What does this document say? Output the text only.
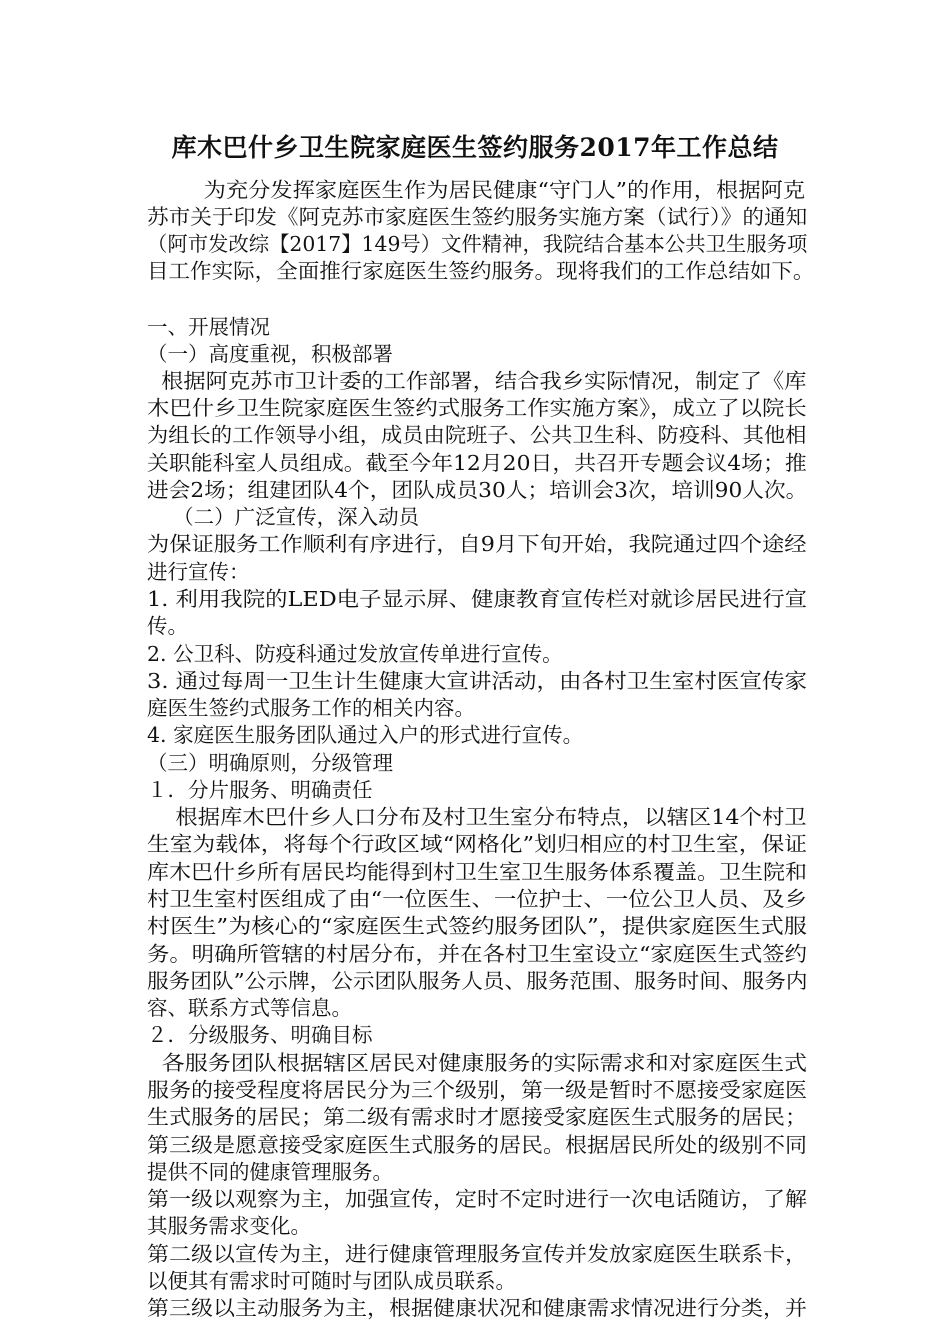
库木巴什乡卫生院家庭医生签约服务2017年工作总结
为充分发挥家庭医生作为居民健康“守门人”的作用，根据阿克
苏市关于印发《阿克苏市家庭医生签约服务实施方案（试行）》的通知
（阿市发改综【2017】149号）文件精神，我院结合基本公共卫生服务项
目工作实际，全面推行家庭医生签约服务。现将我们的工作总结如下。
一、开展情况
（一）高度重视，积极部署
根据阿克苏市卫计委的工作部署，结合我乡实际情况，制定了《库
木巴什乡卫生院家庭医生签约式服务工作实施方案》，成立了以院长
为组长的工作领导小组，成员由院班子、公共卫生科、防疫科、其他相
关职能科室人员组成。截至今年12月20日，共召开专题会议4场；推
进会2场；组建团队4个，团队成员30人；培训会3次，培训90人次。
（二）广泛宣传，深入动员
为保证服务工作顺利有序进行，自9月下旬开始，我院通过四个途经
进行宣传：
1. 利用我院的LED电子显示屏、健康教育宣传栏对就诊居民进行宣
传。
2. 公卫科、防疫科通过发放宣传单进行宣传。
3. 通过每周一卫生计生健康大宣讲活动，由各村卫生室村医宣传家
庭医生签约式服务工作的相关内容。
4. 家庭医生服务团队通过入户的形式进行宣传。
（三）明确原则，分级管理
１．分片服务、明确责任
根据库木巴什乡人口分布及村卫生室分布特点，以辖区14个村卫
生室为载体，将每个行政区域“网格化”划归相应的村卫生室，保证
库木巴什乡所有居民均能得到村卫生室卫生服务体系覆盖。卫生院和
村卫生室村医组成了由“一位医生、一位护士、一位公卫人员、及乡
村医生”为核心的“家庭医生式签约服务团队”，提供家庭医生式服
务。明确所管辖的村居分布，并在各村卫生室设立“家庭医生式签约
服务团队”公示牌，公示团队服务人员、服务范围、服务时间、服务内
容、联系方式等信息。
２．分级服务、明确目标
各服务团队根据辖区居民对健康服务的实际需求和对家庭医生式
服务的接受程度将居民分为三个级别，第一级是暂时不愿接受家庭医
生式服务的居民；第二级有需求时才愿接受家庭医生式服务的居民；
第三级是愿意接受家庭医生式服务的居民。根据居民所处的级别不同
提供不同的健康管理服务。
第一级以观察为主，加强宣传，定时不定时进行一次电话随访，了解
其服务需求变化。
第二级以宣传为主，进行健康管理服务宣传并发放家庭医生联系卡，
以便其有需求时可随时与团队成员联系。
第三级以主动服务为主，根据健康状况和健康需求情况进行分类，并
